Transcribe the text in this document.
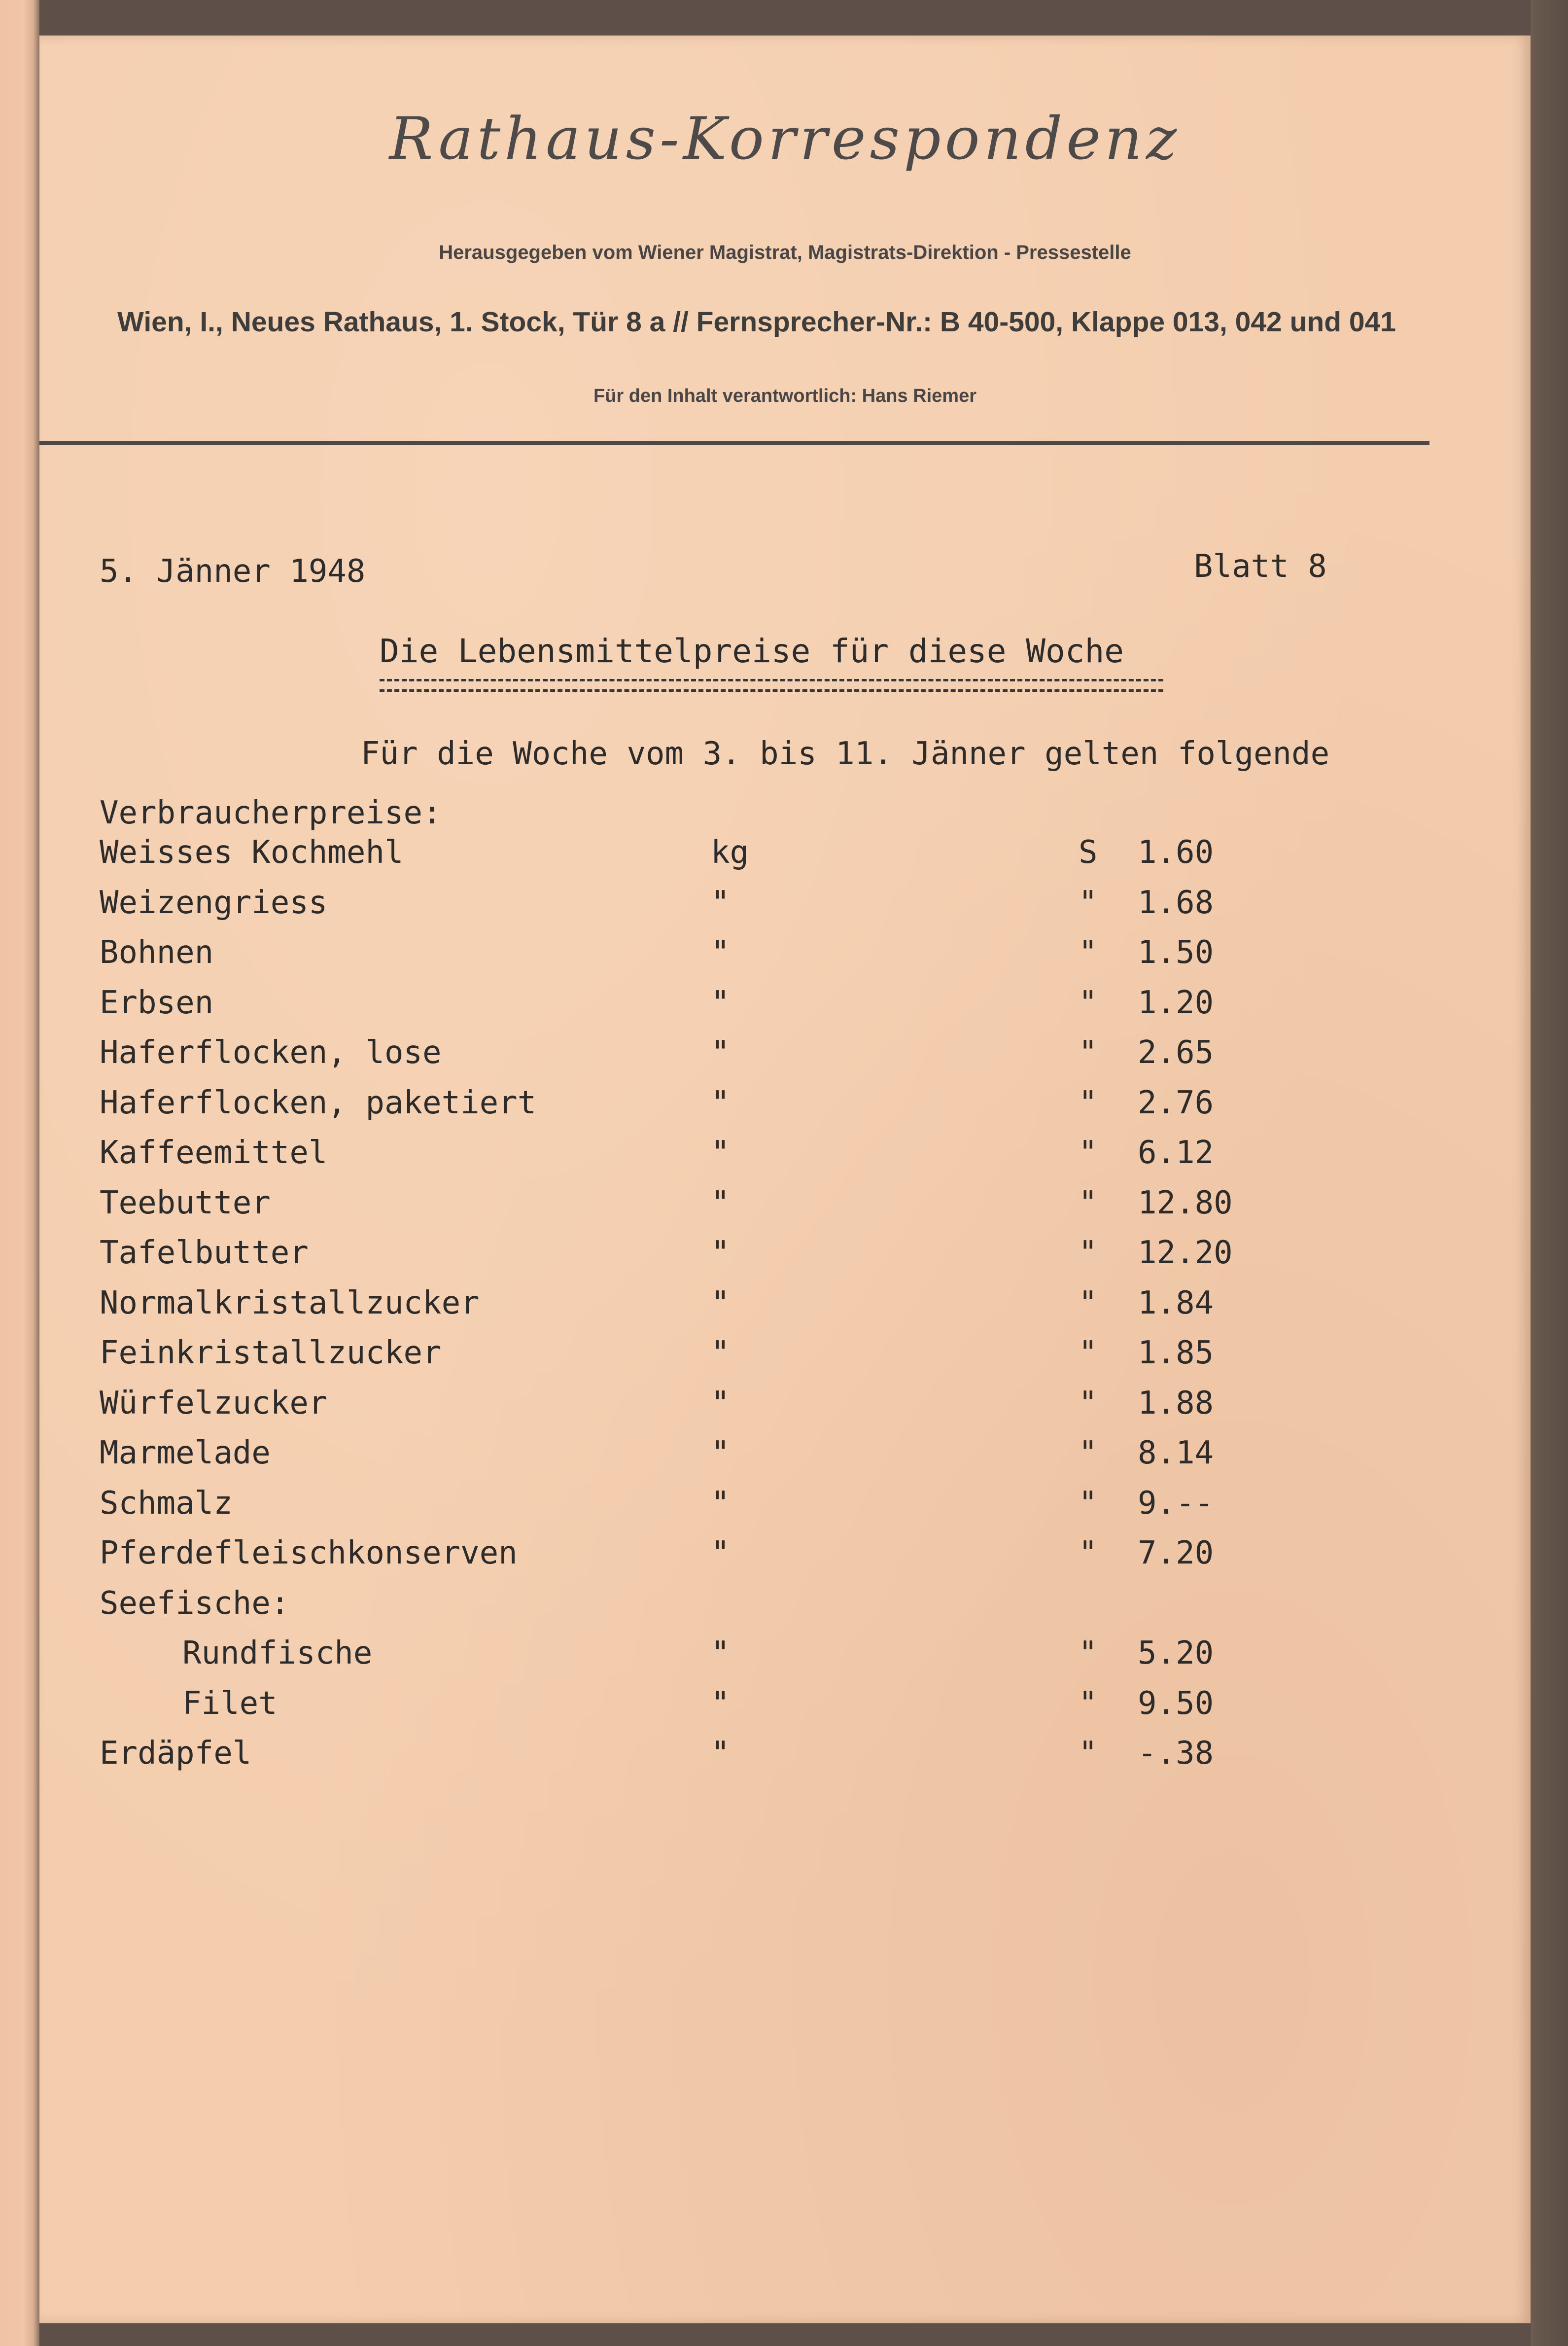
Rathaus-Korrespondenz
Herausgegeben vom Wiener Magistrat, Magistrats-Direktion - Pressestelle
Wien, I., Neues Rathaus, 1. Stock, Tür 8 a // Fernsprecher-Nr.: B 40-500, Klappe 013, 042 und 041
Für den Inhalt verantwortlich: Hans Riemer
5. Jänner 1948	Blatt 8
Die Lebensmittelpreise für diese Woche
Für die Woche vom 3. bis 11. Jänner gelten folgende
Verbraucherpreise:
Weisses Kochmehl	kg	S 1.60
Weizengriess	"	" 1.68
Bohnen	"	" 1.50
Erbsen	"	" 1.20
Haferflocken, lose	"	" 2.65
Haferflocken, paketiert	"	" 2.76
Kaffeemittel	"	" 6.12
Teebutter	"	" 12.80
Tafelbutter	"	" 12.20
Normalkristallzucker	"	" 1.84
Feinkristallzucker	"	" 1.85
Würfelzucker	"	" 1.88
Marmelade	"	" 8.14
Schmalz	"	" 9.--
Pferdefleischkonserven	"	" 7.20
Seefische:
Rundfische	"	" 5.20
Filet	"	" 9.50
Erdäpfel	"	" -.38
